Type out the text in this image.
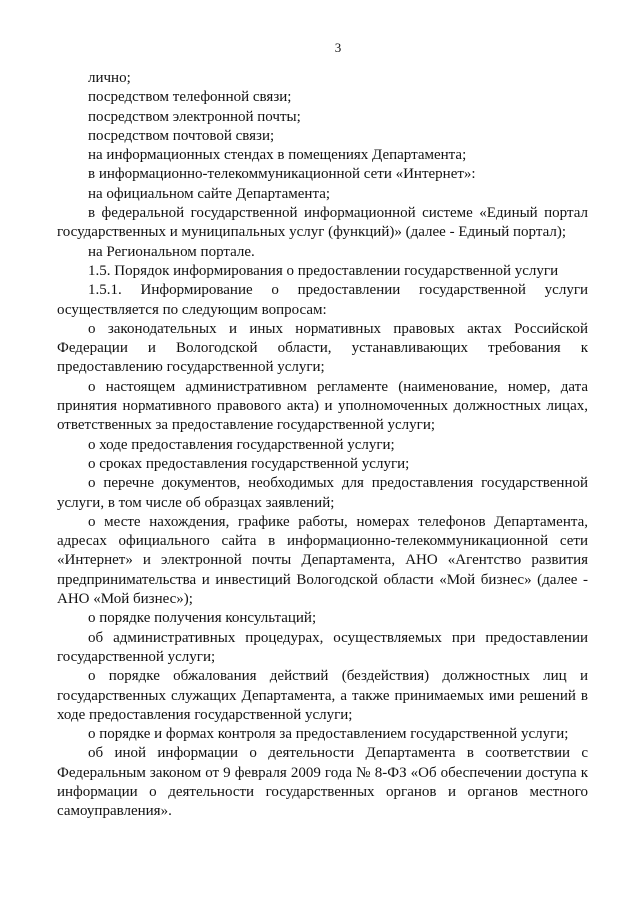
3

лично;

посредством телефонной связи;

посредством электронной почты;

посредством почтовой связи;

на информационных стендах в помещениях Департамента;

в информационно-телекоммуникационной сети «Интернет»:

на официальном сайте Департамента;

в федеральной государственной информационной системе «Единый портал государственных и муниципальных услуг (функций)» (далее - Единый портал);

на Региональном портале.

1.5. Порядок информирования о предоставлении государственной услуги

1.5.1. Информирование о предоставлении государственной услуги осуществляется по следующим вопросам:

о законодательных и иных нормативных правовых актах Российской Федерации и Вологодской области, устанавливающих требования к предоставлению государственной услуги;

о настоящем административном регламенте (наименование, номер, дата принятия нормативного правового акта) и уполномоченных должностных лицах, ответственных за предоставление государственной услуги;

о ходе предоставления государственной услуги;

о сроках предоставления государственной услуги;

о перечне документов, необходимых для предоставления государственной услуги, в том числе об образцах заявлений;

о месте нахождения, графике работы, номерах телефонов Департамента, адресах официального сайта в информационно-телекоммуникационной сети «Интернет» и электронной почты Департамента, АНО «Агентство развития предпринимательства и инвестиций Вологодской области «Мой бизнес» (далее - АНО «Мой бизнес»);

о порядке получения консультаций;

об административных процедурах, осуществляемых при предоставлении государственной услуги;

о порядке обжалования действий (бездействия) должностных лиц и государственных служащих Департамента, а также принимаемых ими решений в ходе предоставления государственной услуги;

о порядке и формах контроля за предоставлением государственной услуги;

об иной информации о деятельности Департамента в соответствии с Федеральным законом от 9 февраля 2009 года № 8-ФЗ «Об обеспечении доступа к информации о деятельности государственных органов и органов местного самоуправления».
